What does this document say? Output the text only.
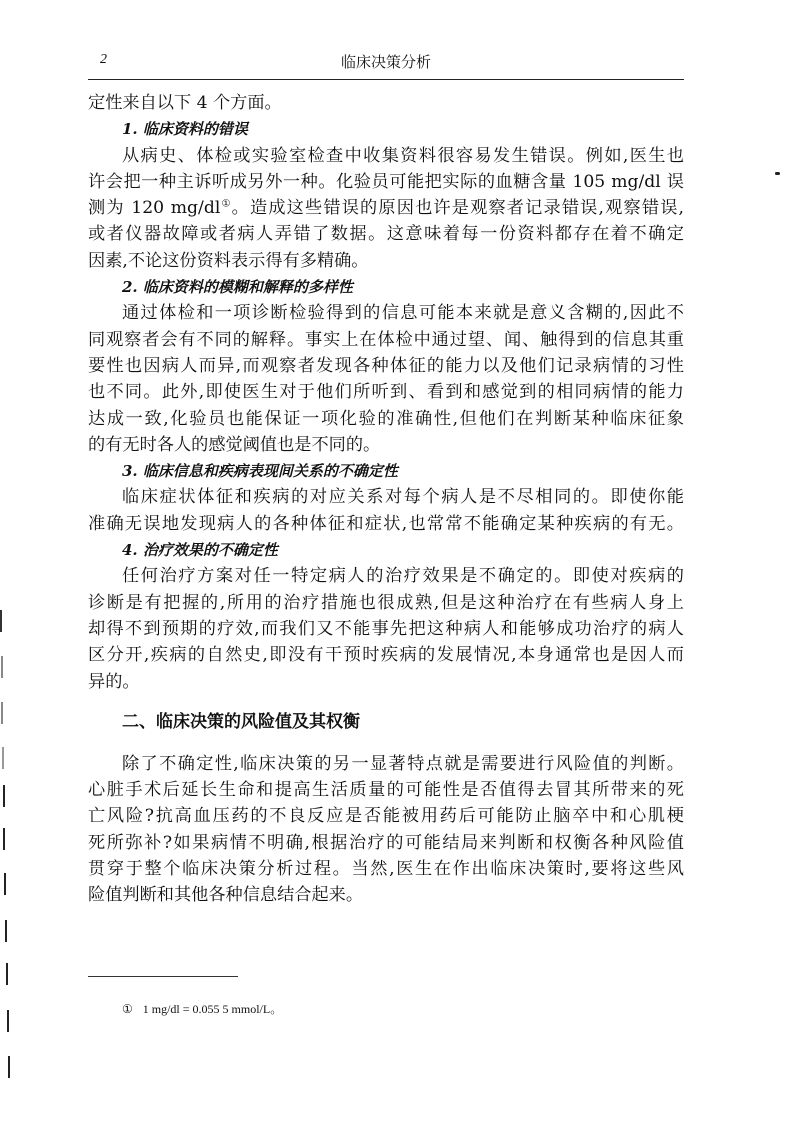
2	临床决策分析
定性来自以下 4 个方面。
1. 临床资料的错误
从病史、体检或实验室检查中收集资料很容易发生错误。例如,医生也
许会把一种主诉听成另外一种。化验员可能把实际的血糖含量 105 mg/dl 误
测为 120 mg/dl①。造成这些错误的原因也许是观察者记录错误,观察错误,
或者仪器故障或者病人弄错了数据。这意味着每一份资料都存在着不确定
因素,不论这份资料表示得有多精确。
2. 临床资料的模糊和解释的多样性
通过体检和一项诊断检验得到的信息可能本来就是意义含糊的,因此不
同观察者会有不同的解释。事实上在体检中通过望、闻、触得到的信息其重
要性也因病人而异,而观察者发现各种体征的能力以及他们记录病情的习性
也不同。此外,即使医生对于他们所听到、看到和感觉到的相同病情的能力
达成一致,化验员也能保证一项化验的准确性,但他们在判断某种临床征象
的有无时各人的感觉阈值也是不同的。
3. 临床信息和疾病表现间关系的不确定性
临床症状体征和疾病的对应关系对每个病人是不尽相同的。即使你能
准确无误地发现病人的各种体征和症状,也常常不能确定某种疾病的有无。
4. 治疗效果的不确定性
任何治疗方案对任一特定病人的治疗效果是不确定的。即使对疾病的
诊断是有把握的,所用的治疗措施也很成熟,但是这种治疗在有些病人身上
却得不到预期的疗效,而我们又不能事先把这种病人和能够成功治疗的病人
区分开,疾病的自然史,即没有干预时疾病的发展情况,本身通常也是因人而
异的。
二、临床决策的风险值及其权衡
除了不确定性,临床决策的另一显著特点就是需要进行风险值的判断。
心脏手术后延长生命和提高生活质量的可能性是否值得去冒其所带来的死
亡风险?抗高血压药的不良反应是否能被用药后可能防止脑卒中和心肌梗
死所弥补?如果病情不明确,根据治疗的可能结局来判断和权衡各种风险值
贯穿于整个临床决策分析过程。当然,医生在作出临床决策时,要将这些风
险值判断和其他各种信息结合起来。
① 1 mg/dl = 0.055 5 mmol/L。
